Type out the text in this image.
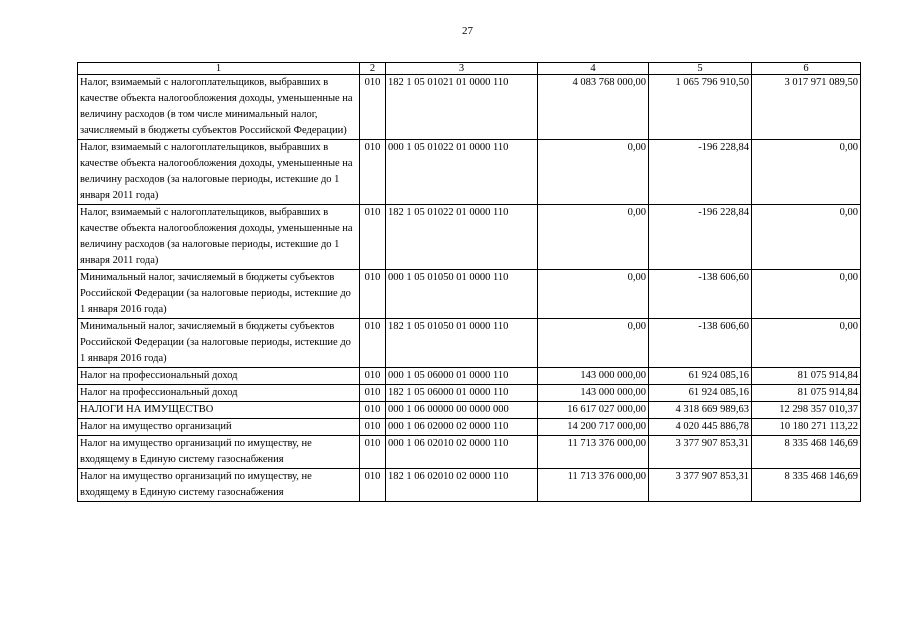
27
1	2	3	4	5	6
Налог, взимаемый с налогоплательщиков, выбравших в качестве объекта налогообложения доходы, уменьшенные на величину расходов (в том числе минимальный налог, зачисляемый в бюджеты субъектов Российской Федерации)	010	182 1 05 01021 01 0000 110	4 083 768 000,00	1 065 796 910,50	3 017 971 089,50
Налог, взимаемый с налогоплательщиков, выбравших в качестве объекта налогообложения доходы, уменьшенные на величину расходов (за налоговые периоды, истекшие до 1 января 2011 года)	010	000 1 05 01022 01 0000 110	0,00	-196 228,84	0,00
Налог, взимаемый с налогоплательщиков, выбравших в качестве объекта налогообложения доходы, уменьшенные на величину расходов (за налоговые периоды, истекшие до 1 января 2011 года)	010	182 1 05 01022 01 0000 110	0,00	-196 228,84	0,00
Минимальный налог, зачисляемый в бюджеты субъектов Российской Федерации (за налоговые периоды, истекшие до 1 января 2016 года)	010	000 1 05 01050 01 0000 110	0,00	-138 606,60	0,00
Минимальный налог, зачисляемый в бюджеты субъектов Российской Федерации (за налоговые периоды, истекшие до 1 января 2016 года)	010	182 1 05 01050 01 0000 110	0,00	-138 606,60	0,00
Налог на профессиональный доход	010	000 1 05 06000 01 0000 110	143 000 000,00	61 924 085,16	81 075 914,84
Налог на профессиональный доход	010	182 1 05 06000 01 0000 110	143 000 000,00	61 924 085,16	81 075 914,84
НАЛОГИ НА ИМУЩЕСТВО	010	000 1 06 00000 00 0000 000	16 617 027 000,00	4 318 669 989,63	12 298 357 010,37
Налог на имущество организаций	010	000 1 06 02000 02 0000 110	14 200 717 000,00	4 020 445 886,78	10 180 271 113,22
Налог на имущество организаций по имуществу, не входящему в Единую систему газоснабжения	010	000 1 06 02010 02 0000 110	11 713 376 000,00	3 377 907 853,31	8 335 468 146,69
Налог на имущество организаций по имуществу, не входящему в Единую систему газоснабжения	010	182 1 06 02010 02 0000 110	11 713 376 000,00	3 377 907 853,31	8 335 468 146,69
